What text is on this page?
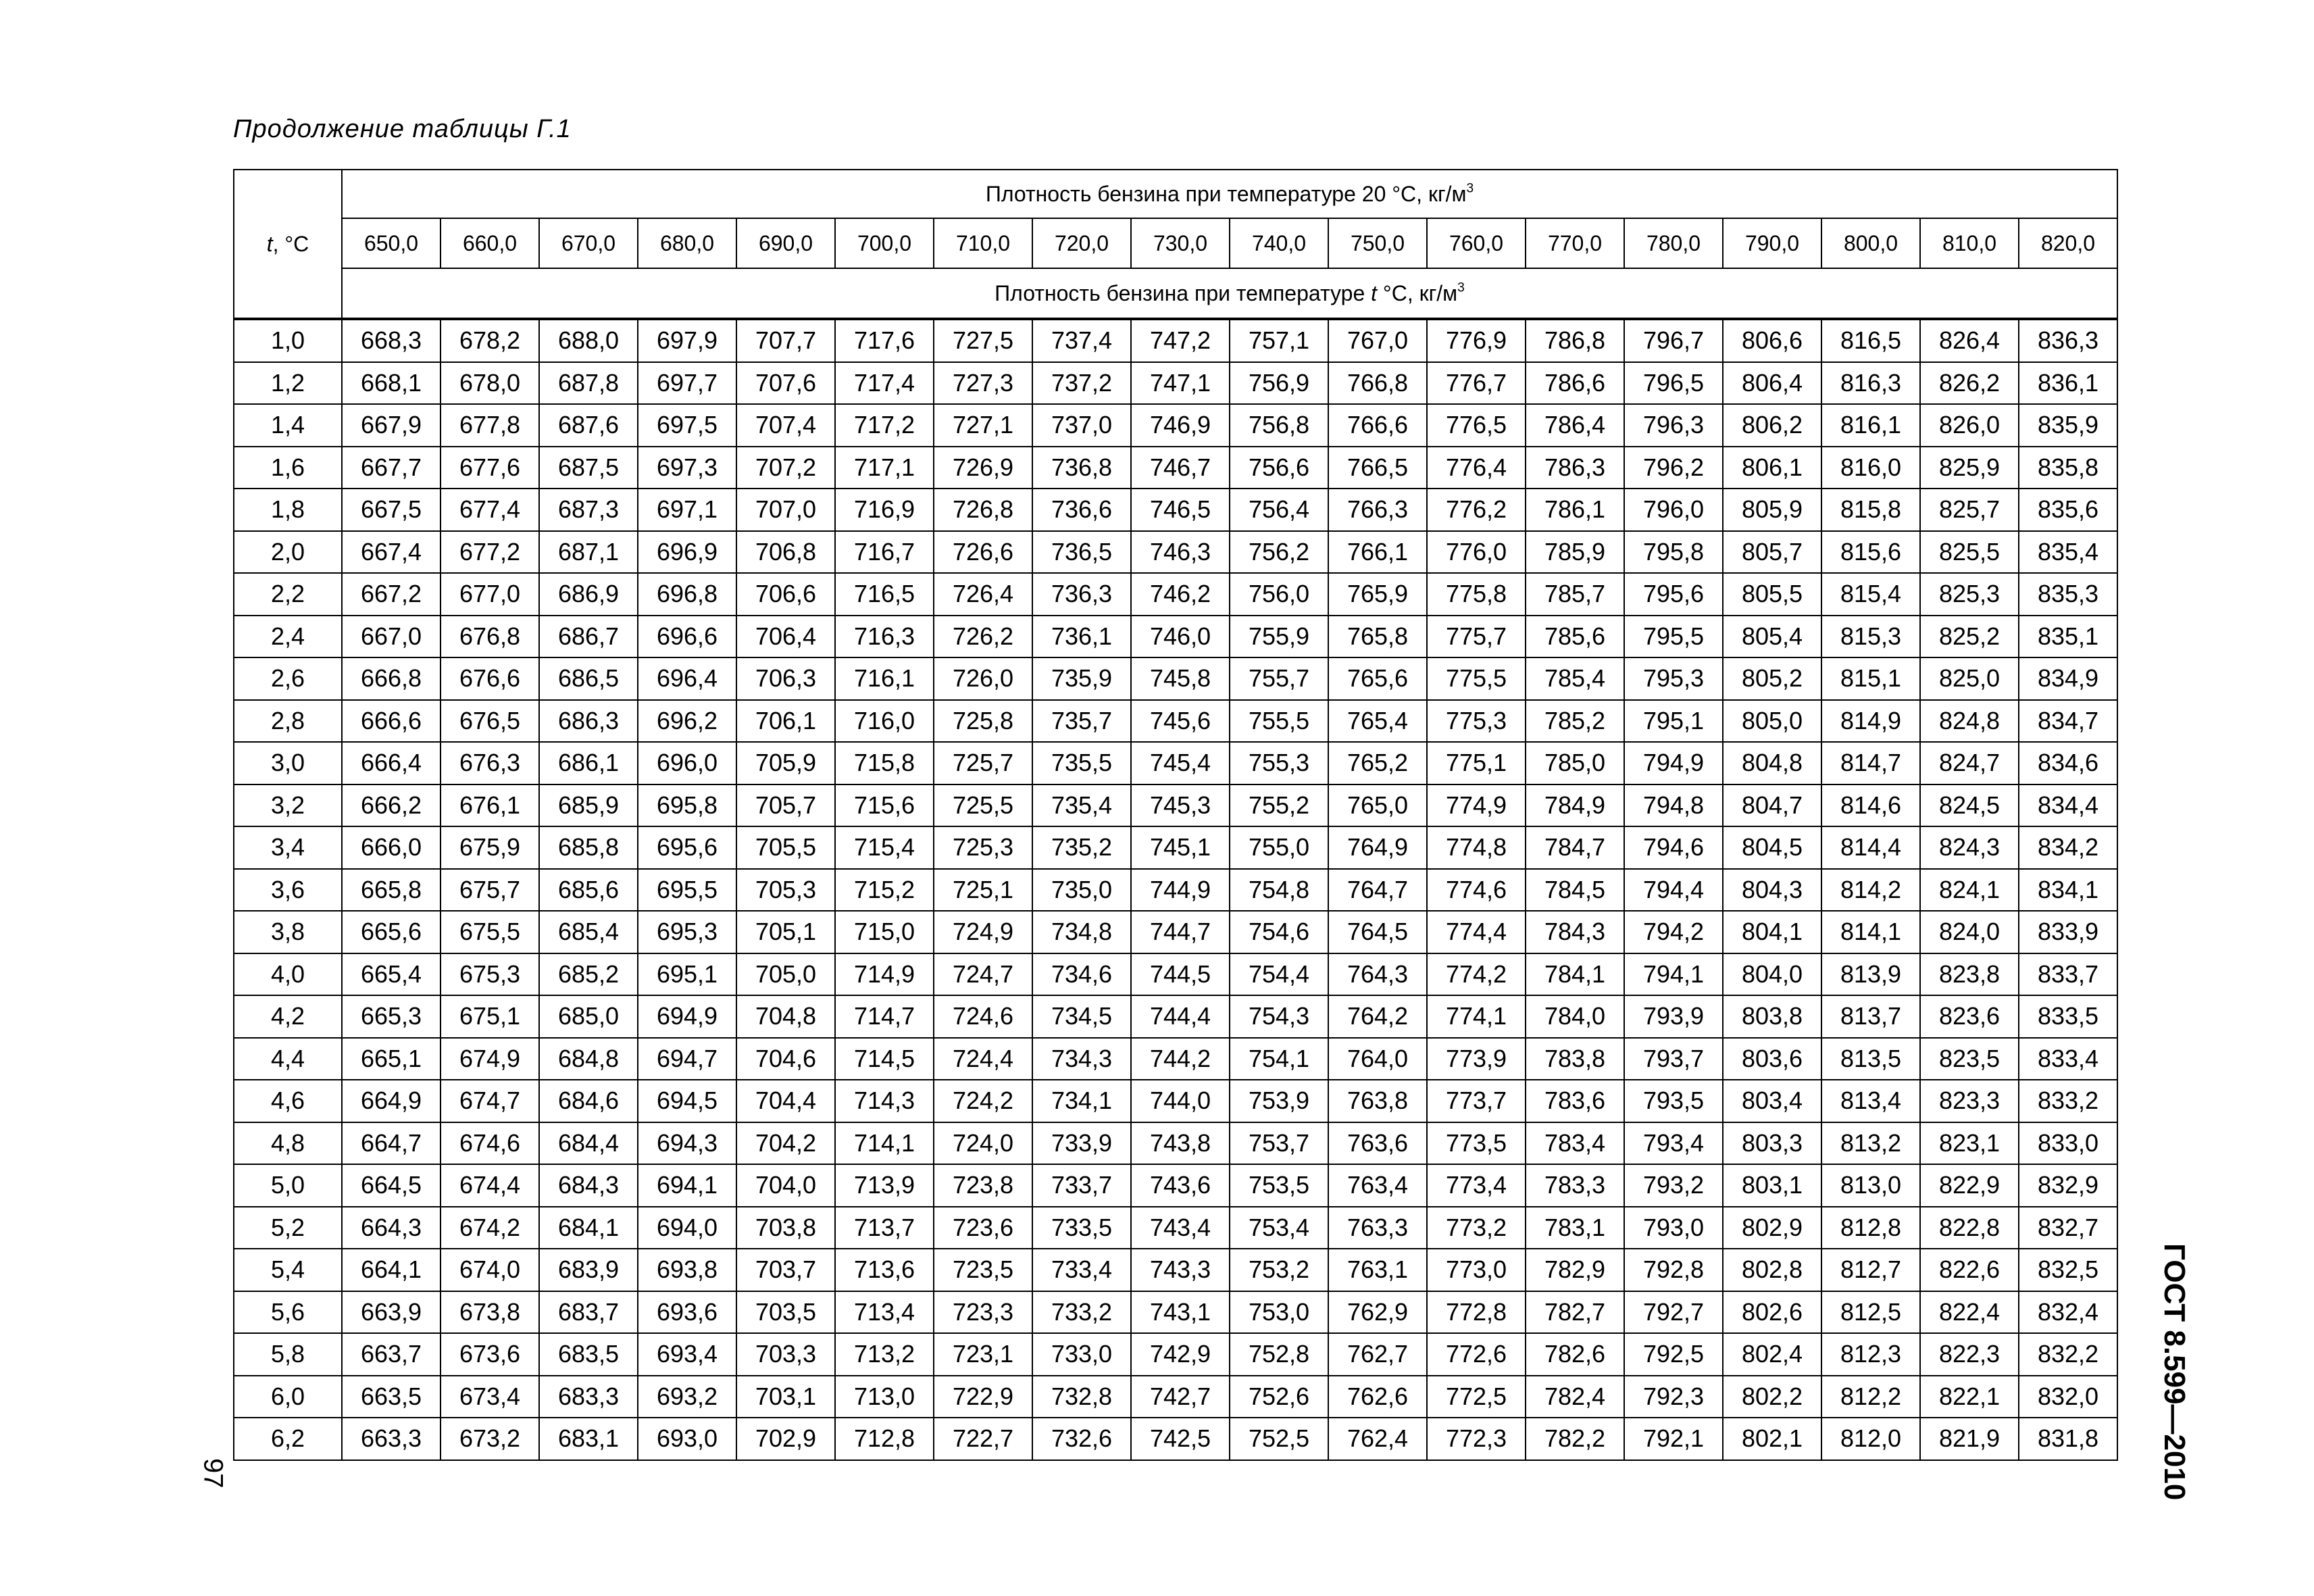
Продолжение таблицы Г.1
t, °С	Плотность бензина при температуре 20 °С, $кг/м^3$
	650,0	660,0	670,0	680,0	690,0	700,0	710,0	720,0	730,0	740,0	750,0	760,0	770,0	780,0	790,0	800,0	810,0	820,0
	Плотность бензина при температуре t °С, $кг/м^3$

1,0	668,3	678,2	688,0	697,9	707,7	717,6	727,5	737,4	747,2	757,1	767,0	776,9	786,8	796,7	806,6	816,5	826,4	836,3
1,2	668,1	678,0	687,8	697,7	707,6	717,4	727,3	737,2	747,1	756,9	766,8	776,7	786,6	796,5	806,4	816,3	826,2	836,1
1,4	667,9	677,8	687,6	697,5	707,4	717,2	727,1	737,0	746,9	756,8	766,6	776,5	786,4	796,3	806,2	816,1	826,0	835,9
1,6	667,7	677,6	687,5	697,3	707,2	717,1	726,9	736,8	746,7	756,6	766,5	776,4	786,3	796,2	806,1	816,0	825,9	835,8
1,8	667,5	677,4	687,3	697,1	707,0	716,9	726,8	736,6	746,5	756,4	766,3	776,2	786,1	796,0	805,9	815,8	825,7	835,6
2,0	667,4	677,2	687,1	696,9	706,8	716,7	726,6	736,5	746,3	756,2	766,1	776,0	785,9	795,8	805,7	815,6	825,5	835,4
2,2	667,2	677,0	686,9	696,8	706,6	716,5	726,4	736,3	746,2	756,0	765,9	775,8	785,7	795,6	805,5	815,4	825,3	835,3
2,4	667,0	676,8	686,7	696,6	706,4	716,3	726,2	736,1	746,0	755,9	765,8	775,7	785,6	795,5	805,4	815,3	825,2	835,1
2,6	666,8	676,6	686,5	696,4	706,3	716,1	726,0	735,9	745,8	755,7	765,6	775,5	785,4	795,3	805,2	815,1	825,0	834,9
2,8	666,6	676,5	686,3	696,2	706,1	716,0	725,8	735,7	745,6	755,5	765,4	775,3	785,2	795,1	805,0	814,9	824,8	834,7
3,0	666,4	676,3	686,1	696,0	705,9	715,8	725,7	735,5	745,4	755,3	765,2	775,1	785,0	794,9	804,8	814,7	824,7	834,6
3,2	666,2	676,1	685,9	695,8	705,7	715,6	725,5	735,4	745,3	755,2	765,0	774,9	784,9	794,8	804,7	814,6	824,5	834,4
3,4	666,0	675,9	685,8	695,6	705,5	715,4	725,3	735,2	745,1	755,0	764,9	774,8	784,7	794,6	804,5	814,4	824,3	834,2
3,6	665,8	675,7	685,6	695,5	705,3	715,2	725,1	735,0	744,9	754,8	764,7	774,6	784,5	794,4	804,3	814,2	824,1	834,1
3,8	665,6	675,5	685,4	695,3	705,1	715,0	724,9	734,8	744,7	754,6	764,5	774,4	784,3	794,2	804,1	814,1	824,0	833,9
4,0	665,4	675,3	685,2	695,1	705,0	714,9	724,7	734,6	744,5	754,4	764,3	774,2	784,1	794,1	804,0	813,9	823,8	833,7
4,2	665,3	675,1	685,0	694,9	704,8	714,7	724,6	734,5	744,4	754,3	764,2	774,1	784,0	793,9	803,8	813,7	823,6	833,5
4,4	665,1	674,9	684,8	694,7	704,6	714,5	724,4	734,3	744,2	754,1	764,0	773,9	783,8	793,7	803,6	813,5	823,5	833,4
4,6	664,9	674,7	684,6	694,5	704,4	714,3	724,2	734,1	744,0	753,9	763,8	773,7	783,6	793,5	803,4	813,4	823,3	833,2
4,8	664,7	674,6	684,4	694,3	704,2	714,1	724,0	733,9	743,8	753,7	763,6	773,5	783,4	793,4	803,3	813,2	823,1	833,0
5,0	664,5	674,4	684,3	694,1	704,0	713,9	723,8	733,7	743,6	753,5	763,4	773,4	783,3	793,2	803,1	813,0	822,9	832,9
5,2	664,3	674,2	684,1	694,0	703,8	713,7	723,6	733,5	743,4	753,4	763,3	773,2	783,1	793,0	802,9	812,8	822,8	832,7
5,4	664,1	674,0	683,9	693,8	703,7	713,6	723,5	733,4	743,3	753,2	763,1	773,0	782,9	792,8	802,8	812,7	822,6	832,5
5,6	663,9	673,8	683,7	693,6	703,5	713,4	723,3	733,2	743,1	753,0	762,9	772,8	782,7	792,7	802,6	812,5	822,4	832,4
5,8	663,7	673,6	683,5	693,4	703,3	713,2	723,1	733,0	742,9	752,8	762,7	772,6	782,6	792,5	802,4	812,3	822,3	832,2
6,0	663,5	673,4	683,3	693,2	703,1	713,0	722,9	732,8	742,7	752,6	762,6	772,5	782,4	792,3	802,2	812,2	822,1	832,0
6,2	663,3	673,2	683,1	693,0	702,9	712,8	722,7	732,6	742,5	752,5	762,4	772,3	782,2	792,1	802,1	812,0	821,9	831,8 ГОСТ 8.599—2010
97
